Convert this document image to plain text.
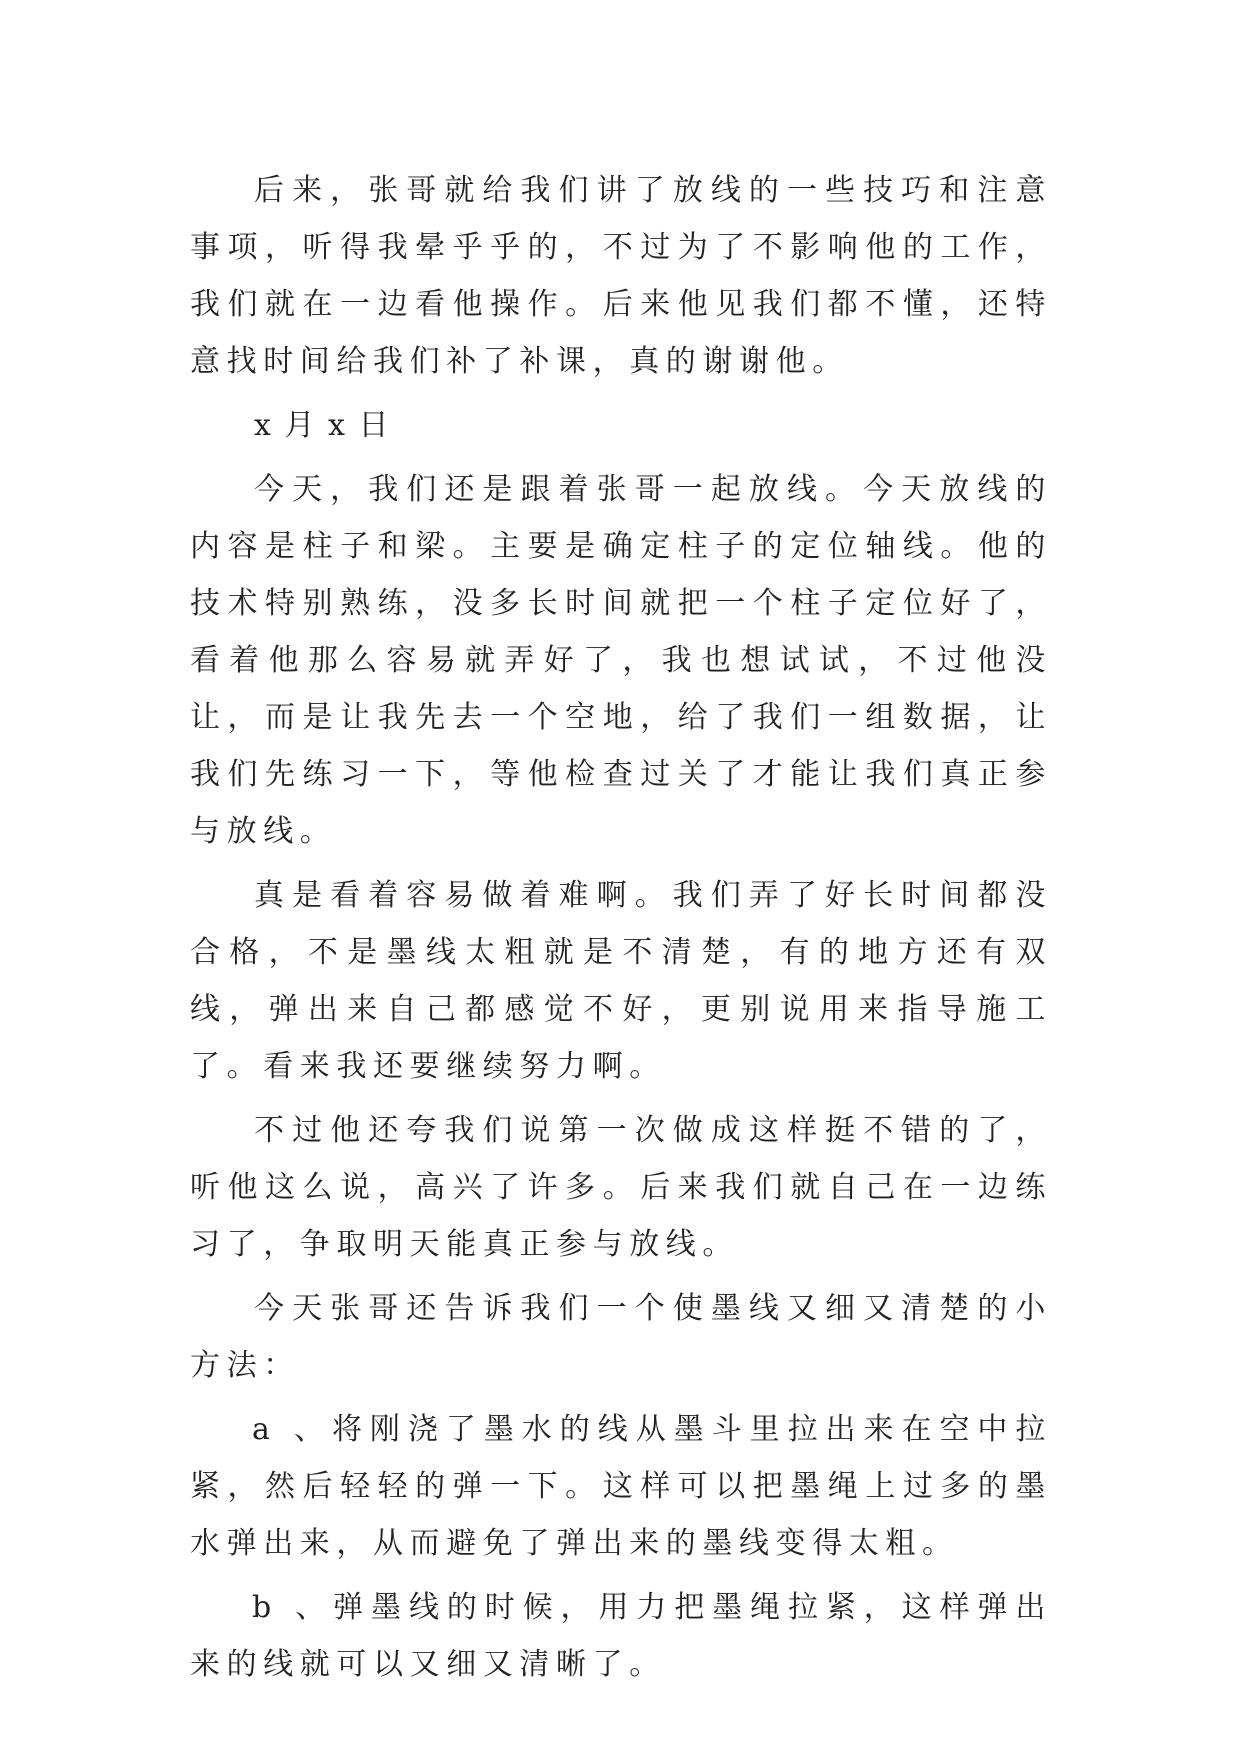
后来，张哥就给我们讲了放线的一些技巧和注意事项，听得我晕乎乎的，不过为了不影响他的工作，我们就在一边看他操作。后来他见我们都不懂，还特意找时间给我们补了补课，真的谢谢他。

x 月 x 日

今天，我们还是跟着张哥一起放线。今天放线的内容是柱子和梁。主要是确定柱子的定位轴线。他的技术特别熟练，没多长时间就把一个柱子定位好了，看着他那么容易就弄好了，我也想试试，不过他没让，而是让我先去一个空地，给了我们一组数据，让我们先练习一下，等他检查过关了才能让我们真正参与放线。

真是看着容易做着难啊。我们弄了好长时间都没合格，不是墨线太粗就是不清楚，有的地方还有双线，弹出来自己都感觉不好，更别说用来指导施工了。看来我还要继续努力啊。

不过他还夸我们说第一次做成这样挺不错的了，听他这么说，高兴了许多。后来我们就自己在一边练习了，争取明天能真正参与放线。

今天张哥还告诉我们一个使墨线又细又清楚的小方法：

a 、将刚浇了墨水的线从墨斗里拉出来在空中拉紧，然后轻轻的弹一下。这样可以把墨绳上过多的墨水弹出来，从而避免了弹出来的墨线变得太粗。

b 、弹墨线的时候，用力把墨绳拉紧，这样弹出来的线就可以又细又清晰了。
